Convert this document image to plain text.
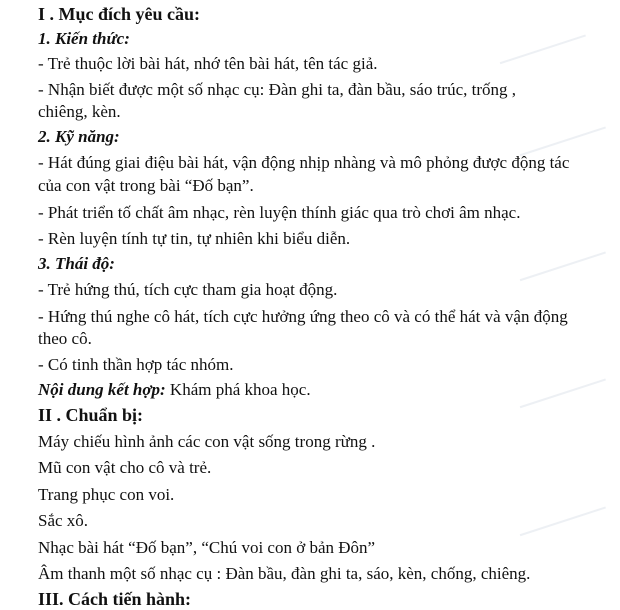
I . Mục đích yêu cầu:
1. Kiến thức:
- Trẻ thuộc lời bài hát, nhớ tên bài hát, tên tác giả.
- Nhận biết được một số nhạc cụ: Đàn ghi ta, đàn bầu, sáo trúc, trống ,
chiêng, kèn.
2. Kỹ năng:
- Hát đúng giai điệu bài hát, vận động nhịp nhàng và mô phỏng được động tác
của con vật trong bài “Đố bạn”.
- Phát triển tố chất âm nhạc, rèn luyện thính giác qua trò chơi âm nhạc.
- Rèn luyện tính tự tin, tự nhiên khi biểu diễn.
3. Thái độ:
- Trẻ hứng thú, tích cực tham gia hoạt động.
- Hứng thú nghe cô hát, tích cực hưởng ứng theo cô và có thể hát và vận động
theo cô.
- Có tinh thần hợp tác nhóm.
Nội dung kết hợp: Khám phá khoa học.
II . Chuẩn bị:
Máy chiếu hình ảnh các con vật sống trong rừng .
Mũ con vật cho cô và trẻ.
Trang phục con voi.
Sắc xô.
Nhạc bài hát “Đố bạn”, “Chú voi con ở bản Đôn”
Âm thanh một số nhạc cụ : Đàn bầu, đàn ghi ta, sáo, kèn, chống, chiêng.
III. Cách tiến hành:
